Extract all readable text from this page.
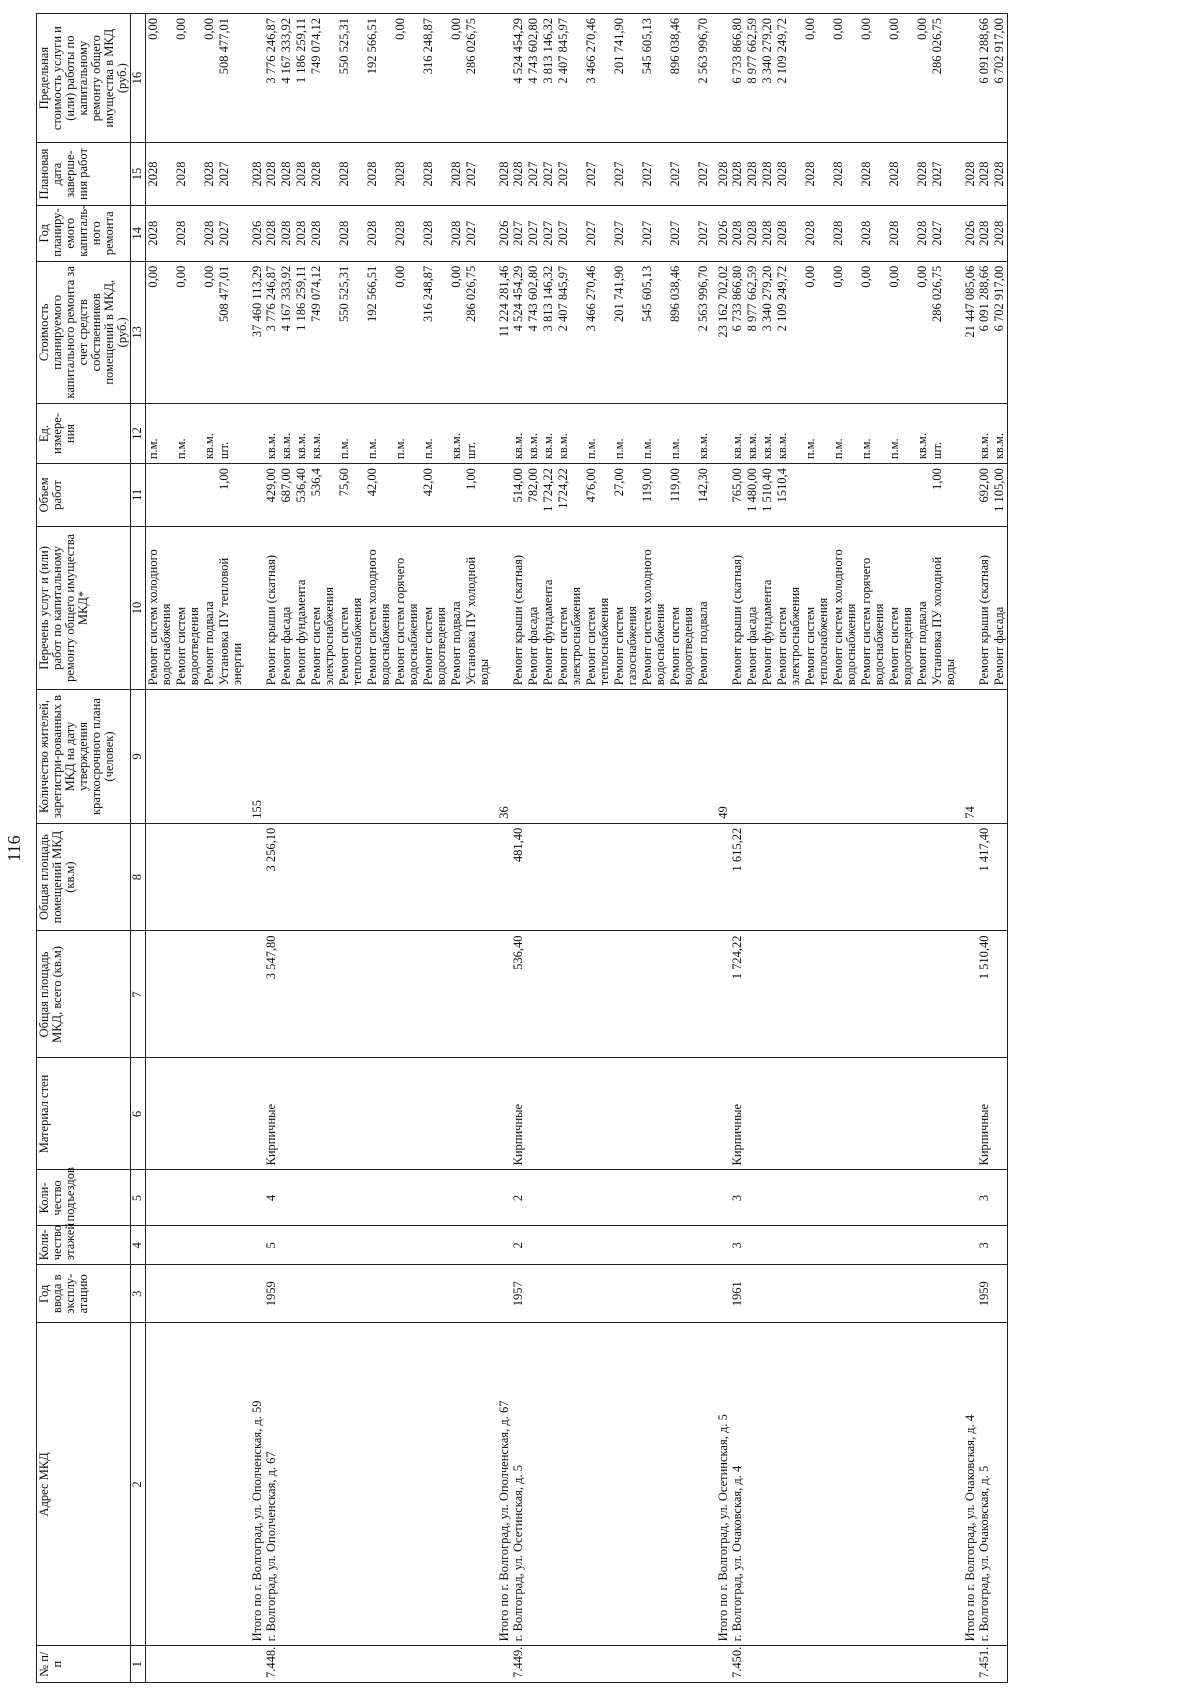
116
№ п/п	Адрес МКД	Год ввода в эксплу-атацию	Коли-чество этажей	Коли-чество подъездов	Материал стен	Общая площадь МКД, всего (кв.м)	Общая площадь помещений МКД (кв.м)	Количество жителей, зарегистри-рованных в МКД на дату утверждения краткосрочного плана (человек)	Перечень услуг и (или) работ по капитальному ремонту общего имущества МКД*	Объем работ	Ед. измере-ния	Стоимость планируемого капитального ремонта за счет средств собственников помещений в МКД, (руб.)	Год планиру-емого капиталь-ного ремонта	Плановая дата заверше-ния работ	Предельная стоимость услуги и (или) работы по капитальному ремонту общего имущества в МКД (руб.)
1	2	3	4	5	6	7	8	9	10	11	12	13	14	15	16
									Ремонт систем холодного водоснабжения		п.м.	0,00	2028	2028	0,00
									Ремонт систем водоотведения		п.м.	0,00	2028	2028	0,00
									Ремонт подвала		кв.м.	0,00	2028	2028	0,00
									Установка ПУ тепловой энергии	1,00	шт.	508 477,01	2027	2027	508 477,01
	Итого по г. Волгоград, ул. Ополченская, д. 59							155				37 460 113,29	2026	2028	
7.448.	г. Волгоград, ул. Ополченская, д. 67	1959	5	4	Кирпичные	3 547,80	3 256,10		Ремонт крыши (скатная)	429,00	кв.м.	3 776 246,87	2028	2028	3 776 246,87
									Ремонт фасада	687,00	кв.м.	4 167 333,92	2028	2028	4 167 333,92
									Ремонт фундамента	536,40	кв.м.	1 186 259,11	2028	2028	1 186 259,11
									Ремонт систем электроснабжения	536,4	кв.м.	749 074,12	2028	2028	749 074,12
									Ремонт систем теплоснабжения	75,60	п.м.	550 525,31	2028	2028	550 525,31
									Ремонт систем холодного водоснабжения	42,00	п.м.	192 566,51	2028	2028	192 566,51
									Ремонт систем горячего водоснабжения		п.м.	0,00	2028	2028	0,00
									Ремонт систем водоотведения	42,00	п.м.	316 248,87	2028	2028	316 248,87
									Ремонт подвала		кв.м.	0,00	2028	2028	0,00
									Установка ПУ холодной воды	1,00	шт.	286 026,75	2027	2027	286 026,75
	Итого по г. Волгоград, ул. Ополченская, д. 67							36				11 224 281,46	2026	2028	
7.449.	г. Волгоград, ул. Осетинская, д. 5	1957	2	2	Кирпичные	536,40	481,40		Ремонт крыши (скатная)	514,00	кв.м.	4 524 454,29	2027	2028	4 524 454,29
									Ремонт фасада	782,00	кв.м.	4 743 602,80	2027	2027	4 743 602,80
									Ремонт фундамента	1 724,22	кв.м.	3 813 146,32	2027	2027	3 813 146,32
									Ремонт систем электроснабжения	1724,22	кв.м.	2 407 845,97	2027	2027	2 407 845,97
									Ремонт систем теплоснабжения	476,00	п.м.	3 466 270,46	2027	2027	3 466 270,46
									Ремонт систем газоснабжения	27,00	п.м.	201 741,90	2027	2027	201 741,90
									Ремонт систем холодного водоснабжения	119,00	п.м.	545 605,13	2027	2027	545 605,13
									Ремонт систем водоотведения	119,00	п.м.	896 038,46	2027	2027	896 038,46
									Ремонт подвала	142,30	кв.м.	2 563 996,70	2027	2027	2 563 996,70
	Итого по г. Волгоград, ул. Осетинская, д. 5							49				23 162 702,02	2026	2028	
7.450.	г. Волгоград, ул. Очаковская, д. 4	1961	3	3	Кирпичные	1 724,22	1 615,22		Ремонт крыши (скатная)	765,00	кв.м.	6 733 866,80	2028	2028	6 733 866,80
									Ремонт фасада	1 480,00	кв.м.	8 977 662,59	2028	2028	8 977 662,59
									Ремонт фундамента	1 510,40	кв.м.	3 340 279,20	2028	2028	3 340 279,20
									Ремонт систем электроснабжения	1510,4	кв.м.	2 109 249,72	2028	2028	2 109 249,72
									Ремонт систем теплоснабжения		п.м.	0,00	2028	2028	0,00
									Ремонт систем холодного водоснабжения		п.м.	0,00	2028	2028	0,00
									Ремонт систем горячего водоснабжения		п.м.	0,00	2028	2028	0,00
									Ремонт систем водоотведения		п.м.	0,00	2028	2028	0,00
									Ремонт подвала		кв.м.	0,00	2028	2028	0,00
									Установка ПУ холодной воды	1,00	шт.	286 026,75	2027	2027	286 026,75
	Итого по г. Волгоград, ул. Очаковская, д. 4							74				21 447 085,06	2026	2028	
7.451.	г. Волгоград, ул. Очаковская, д. 5	1959	3	3	Кирпичные	1 510,40	1 417,40		Ремонт крыши (скатная)	692,00	кв.м.	6 091 288,66	2028	2028	6 091 288,66
									Ремонт фасада	1 105,00	кв.м.	6 702 917,00	2028	2028	6 702 917,00
